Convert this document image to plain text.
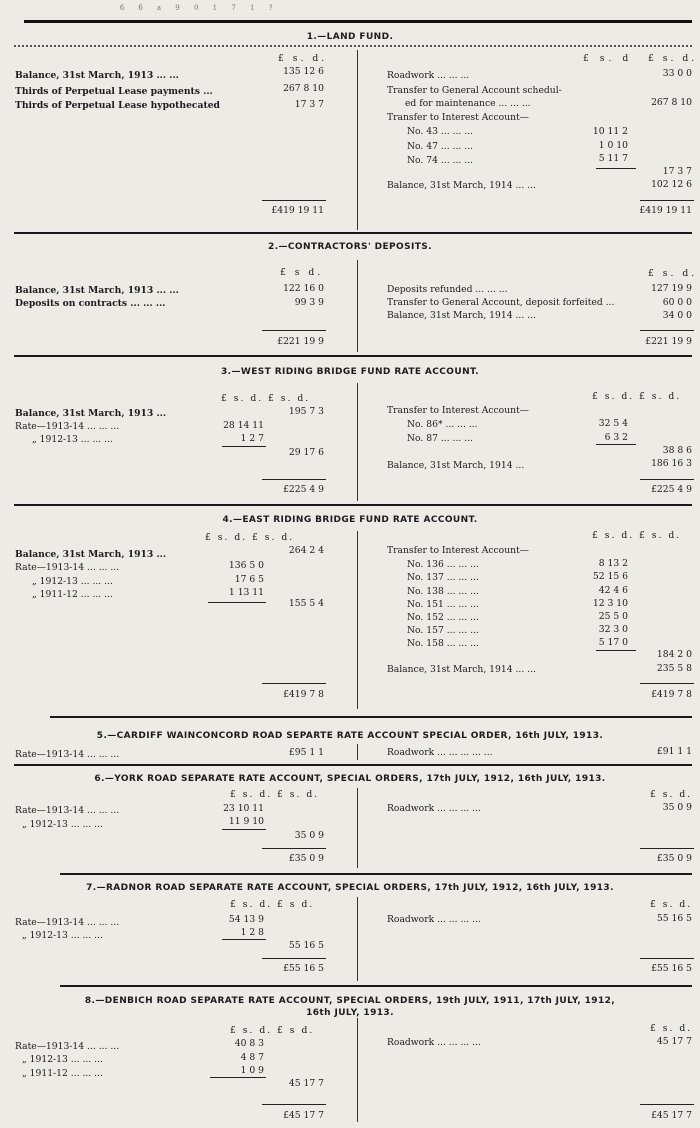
б б а 9 0 1 7 1 ?
1.—LAND FUND.
£ s. d.	£ s. d £ s. d.
Balance, 31st March, 1913 ... ...	135 12 6
Thirds of Perpetual Lease payments ...	267 8 10
Thirds of Perpetual Lease hypothecated	17 3 7
Roadwork ... ... ...	33 0 0
Transfer to General Account schedul-
ed for maintenance ... ... ...	267 8 10
Transfer to Interest Account—
No. 43 ... ... ...	10 11 2
No. 47 ... ... ...	1 0 10
No. 74 ... ... ...	5 11 7
17 3 7
Balance, 31st March, 1914 ... ...	102 12 6
£419 19 11	£419 19 11
2.—CONTRACTORS' DEPOSITS.
£ s d.	£ s. d.
Balance, 31st March, 1913 ... ...	122 16 0
Deposits on contracts ... ... ...	99 3 9
Deposits refunded ... ... ...	127 19 9
Transfer to General Account, deposit forfeited ...	60 0 0
Balance, 31st March, 1914 ... ...	34 0 0
£221 19 9	£221 19 9
3.—WEST RIDING BRIDGE FUND RATE ACCOUNT.
£ s. d. £ s. d.	£ s. d. £ s. d.
Balance, 31st March, 1913 ...	195 7 3
Rate—1913-14 ... ... ...	28 14 11
„ 1912-13 ... ... ...	1 2 7
29 17 6
Transfer to Interest Account—
No. 86* ... ... ...	32 5 4
No. 87 ... ... ...	6 3 2
38 8 6
Balance, 31st March, 1914 ...	186 16 3
£225 4 9	£225 4 9
4.—EAST RIDING BRIDGE FUND RATE ACCOUNT.
£ s. d. £ s. d.	£ s. d. £ s. d.
Balance, 31st March, 1913 ...	264 2 4
Rate—1913-14 ... ... ...	136 5 0
„ 1912-13 ... ... ...	17 6 5
„ 1911-12 ... ... ...	1 13 11
155 5 4
Transfer to Interest Account—
No. 136 ... ... ...	8 13 2
No. 137 ... ... ...	52 15 6
No. 138 ... ... ...	42 4 6
No. 151 ... ... ...	12 3 10
No. 152 ... ... ...	25 5 0
No. 157 ... ... ...	32 3 0
No. 158 ... ... ...	5 17 0
184 2 0
Balance, 31st March, 1914 ... ...	235 5 8
£419 7 8	£419 7 8
5.—CARDIFF WAINCONCORD ROAD SEPARTE RATE ACCOUNT SPECIAL ORDER, 16th JULY, 1913.
Rate—1913-14 ... ... ...	£95 1 1	Roadwork ... ... ... ... ...	£91 1 1
6.—YORK ROAD SEPARATE RATE ACCOUNT, SPECIAL ORDERS, 17th JULY, 1912, 16th JULY, 1913.
£ s. d. £ s. d.	£ s. d.
Rate—1913-14 ... ... ...	23 10 11
„ 1912-13 ... ... ...	11 9 10
35 0 9
Roadwork ... ... ... ...	35 0 9
£35 0 9	£35 0 9
7.—RADNOR ROAD SEPARATE RATE ACCOUNT, SPECIAL ORDERS, 17th JULY, 1912, 16th JULY, 1913.
£ s. d. £ s d.	£ s. d.
Rate—1913-14 ... ... ...	54 13 9
„ 1912-13 ... ... ...	1 2 8
55 16 5
Roadwork ... ... ... ...	55 16 5
£55 16 5	£55 16 5
8.—DENBICH ROAD SEPARATE RATE ACCOUNT, SPECIAL ORDERS, 19th JULY, 1911, 17th JULY, 1912,
16th JULY, 1913.
£ s. d. £ s d.	£ s. d.
Rate—1913-14 ... ... ...	40 8 3
„ 1912-13 ... ... ...	4 8 7
„ 1911-12 ... ... ...	1 0 9
45 17 7
Roadwork ... ... ... ...	45 17 7
£45 17 7	£45 17 7
